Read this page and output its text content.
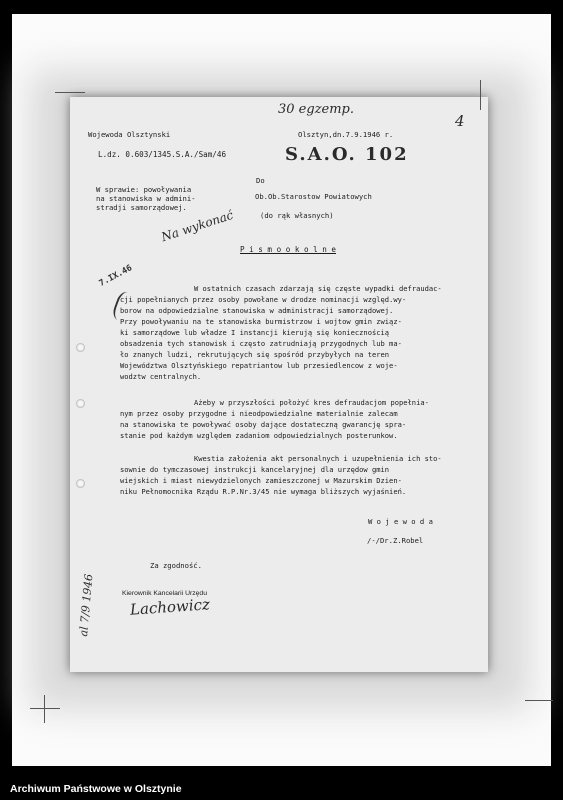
Wojewoda Olsztynski	Olsztyn,dn.7.9.1946 r.
30 egzemp.
4
L.dz. 0.603/1345.S.A./Sam/46	S.A.O. 102
Do
Ob.Ob.Starostow Powiatowych
(do rąk własnych)
W sprawie: powoływania
na stanowiska w admini-
stradji samorządowej.
Na wykonać
7.IX.46
P i s m o o k o l n e
W ostatnich czasach zdarzają się częste wypadki defraudac-
cji popełnianych przez osoby powołane w drodze nominacji względ.wy-
borow na odpowiedzialne stanowiska w administracji samorządowej.
Przy powoływaniu na te stanowiska burmistrzow i wojtow gmin związ-
ki samorządowe lub władze I instancji kierują się koniecznością
obsadzenia tych stanowisk i często zatrudniają przygodnych lub ma-
ło znanych ludzi, rekrutujących się spośród przybyłych na teren
Województwa Olsztyńskiego repatriantow lub przesiedlencow z woje-
wodztw centralnych.
Ażeby w przyszłości położyć kres defraudacjom popełnia-
nym przez osoby przygodne i nieodpowiedzialne materialnie zalecam
na stanowiska te powoływać osoby dające dostateczną gwarancję spra-
stanie pod każdym względem zadaniom odpowiedzialnych posterunkow.
Kwestia założenia akt personalnych i uzupełnienia ich sto-
sownie do tymczasowej instrukcji kancelaryjnej dla urzędow gmin
wiejskich i miast niewydzielonych zamieszczonej w Mazurskim Dzien-
niku Pełnomocnika Rządu R.P.Nr.3/45 nie wymaga bliższych wyjaśnień.
W o j e w o d a
/-/Dr.Z.Robel
Za zgodność.
Kierownik Kancelarii Urzędu
Lachowicz
al 7/9 1946
Archiwum Państwowe w Olsztynie
